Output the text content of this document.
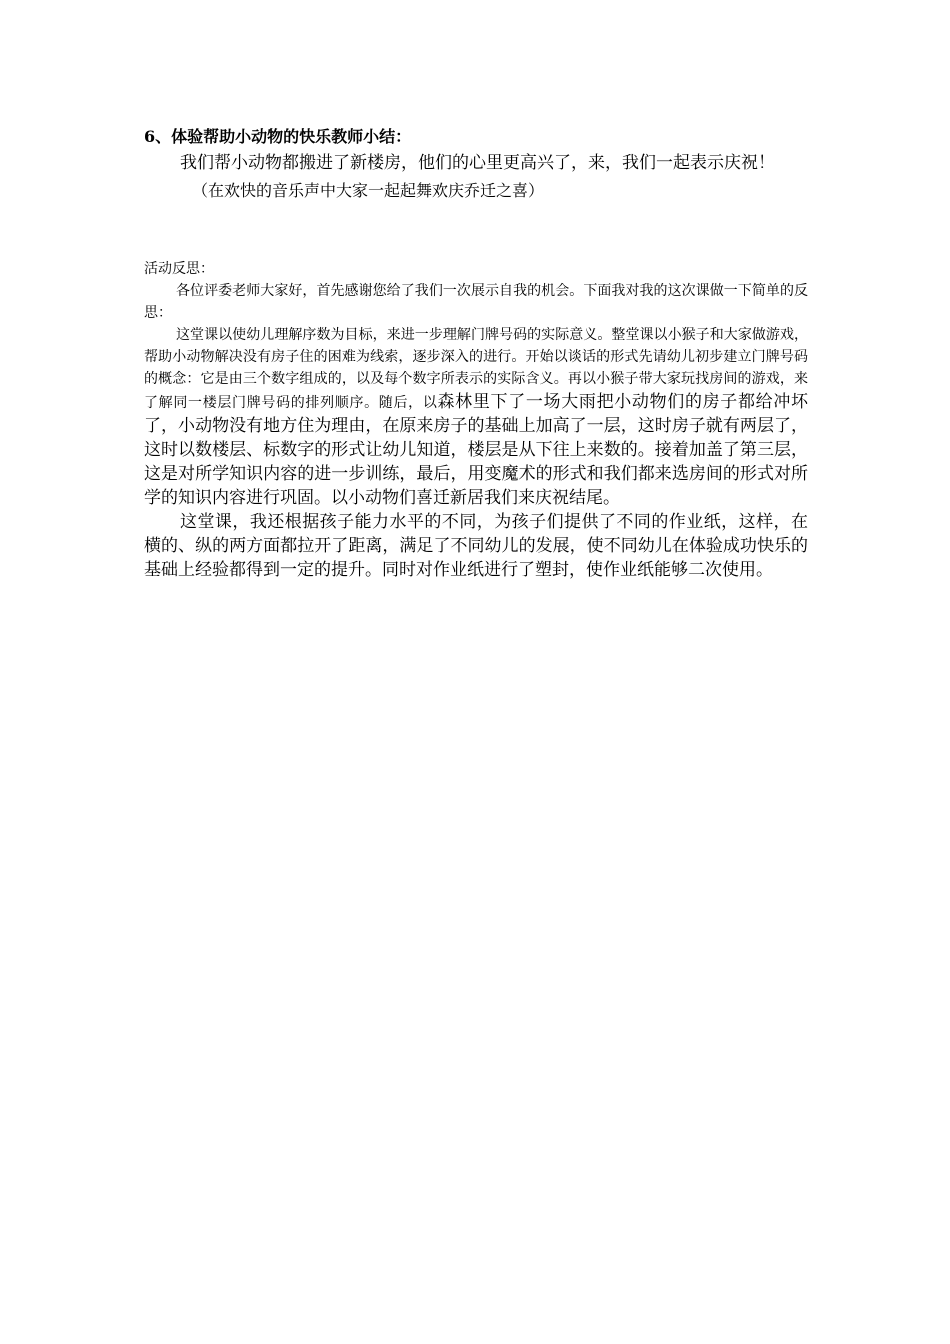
6、体验帮助小动物的快乐教师小结：

我们帮小动物都搬进了新楼房，他们的心里更高兴了，来，我们一起表示庆祝！

（在欢快的音乐声中大家一起起舞欢庆乔迁之喜）

活动反思：

各位评委老师大家好，首先感谢您给了我们一次展示自我的机会。下面我对我的这次课做一下简单的反思：

这堂课以使幼儿理解序数为目标，来进一步理解门牌号码的实际意义。整堂课以小猴子和大家做游戏，帮助小动物解决没有房子住的困难为线索，逐步深入的进行。开始以谈话的形式先请幼儿初步建立门牌号码的概念：它是由三个数字组成的，以及每个数字所表示的实际含义。再以小猴子带大家玩找房间的游戏，来了解同一楼层门牌号码的排列顺序。随后，以森林里下了一场大雨把小动物们的房子都给冲坏了，小动物没有地方住为理由，在原来房子的基础上加高了一层，这时房子就有两层了，这时以数楼层、标数字的形式让幼儿知道，楼层是从下往上来数的。接着加盖了第三层，这是对所学知识内容的进一步训练，最后，用变魔术的形式和我们都来选房间的形式对所学的知识内容进行巩固。以小动物们喜迁新居我们来庆祝结尾。

这堂课，我还根据孩子能力水平的不同，为孩子们提供了不同的作业纸，这样，在横的、纵的两方面都拉开了距离，满足了不同幼儿的发展，使不同幼儿在体验成功快乐的基础上经验都得到一定的提升。同时对作业纸进行了塑封，使作业纸能够二次使用。
